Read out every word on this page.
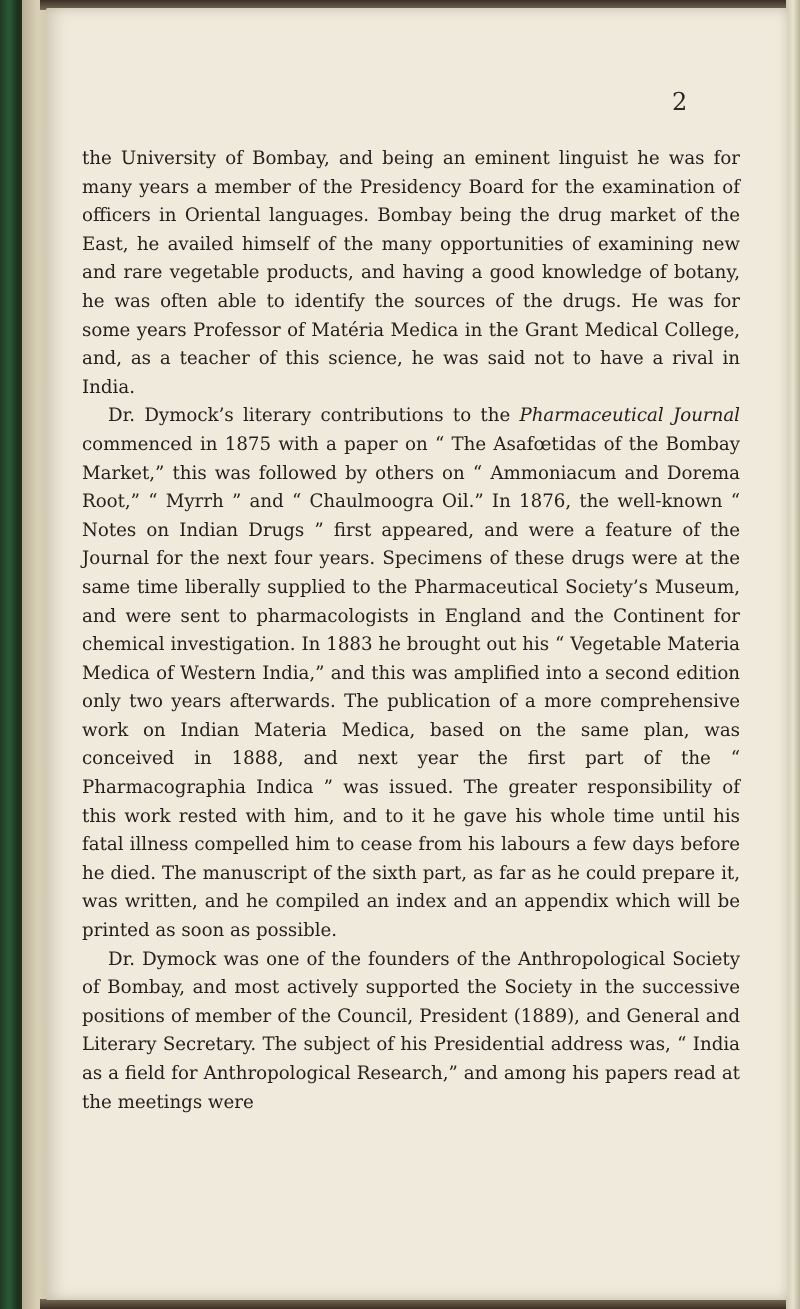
2

the University of Bombay, and being an eminent linguist he was for many years a member of the Presidency Board for the examination of officers in Oriental languages. Bombay being the drug market of the East, he availed himself of the many opportunities of examining new and rare vegetable products, and having a good knowledge of botany, he was often able to identify the sources of the drugs. He was for some years Professor of Matéria Medica in the Grant Medical College, and, as a teacher of this science, he was said not to have a rival in India.

Dr. Dymock’s literary contributions to the Pharmaceutical Journal commenced in 1875 with a paper on “ The Asafœtidas of the Bombay Market,” this was followed by others on “ Ammoniacum and Dorema Root,” “ Myrrh ” and “ Chaulmoogra Oil.” In 1876, the well-known “ Notes on Indian Drugs ” first appeared, and were a feature of the Journal for the next four years. Specimens of these drugs were at the same time liberally supplied to the Pharmaceutical Society’s Museum, and were sent to pharmacologists in England and the Continent for chemical investigation. In 1883 he brought out his “ Vegetable Materia Medica of Western India,” and this was amplified into a second edition only two years afterwards. The publication of a more comprehensive work on Indian Materia Medica, based on the same plan, was conceived in 1888, and next year the first part of the “ Pharmacographia Indica ” was issued. The greater responsibility of this work rested with him, and to it he gave his whole time until his fatal illness compelled him to cease from his labours a few days before he died. The manuscript of the sixth part, as far as he could prepare it, was written, and he compiled an index and an appendix which will be printed as soon as possible.

Dr. Dymock was one of the founders of the Anthropological Society of Bombay, and most actively supported the Society in the successive positions of member of the Council, President (1889), and General and Literary Secretary. The subject of his Presidential address was, “ India as a field for Anthropological Research,” and among his papers read at the meetings were
